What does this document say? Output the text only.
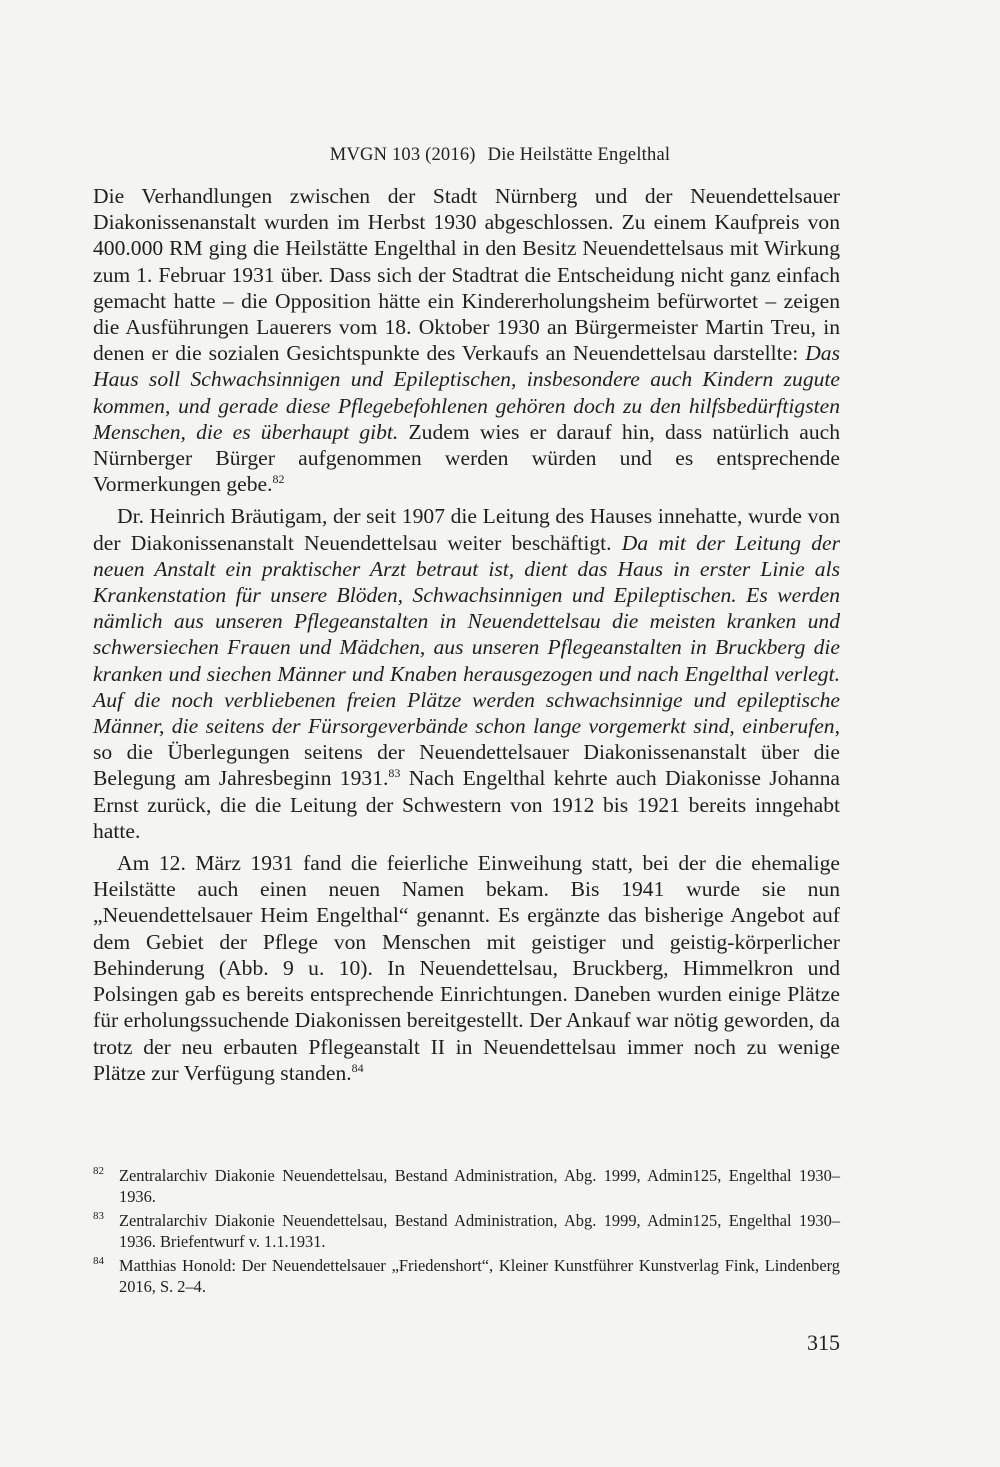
MVGN 103 (2016) Die Heilstätte Engelthal

Die Verhandlungen zwischen der Stadt Nürnberg und der Neuendettelsauer Diakonissenanstalt wurden im Herbst 1930 abgeschlossen. Zu einem Kaufpreis von 400.000 RM ging die Heilstätte Engelthal in den Besitz Neuendettelsaus mit Wirkung zum 1. Februar 1931 über. Dass sich der Stadtrat die Entscheidung nicht ganz einfach gemacht hatte – die Opposition hätte ein Kindererholungsheim befürwortet – zeigen die Ausführungen Lauerers vom 18. Oktober 1930 an Bürgermeister Martin Treu, in denen er die sozialen Gesichtspunkte des Verkaufs an Neuendettelsau darstellte: Das Haus soll Schwachsinnigen und Epileptischen, insbesondere auch Kindern zugute kommen, und gerade diese Pflegebefohlenen gehören doch zu den hilfsbedürftigsten Menschen, die es überhaupt gibt. Zudem wies er darauf hin, dass natürlich auch Nürnberger Bürger aufgenommen werden würden und es entsprechende Vormerkungen gebe.$^{82}$

Dr. Heinrich Bräutigam, der seit 1907 die Leitung des Hauses innehatte, wurde von der Diakonissenanstalt Neuendettelsau weiter beschäftigt. Da mit der Leitung der neuen Anstalt ein praktischer Arzt betraut ist, dient das Haus in erster Linie als Krankenstation für unsere Blöden, Schwachsinnigen und Epileptischen. Es werden nämlich aus unseren Pflegeanstalten in Neuendettelsau die meisten kranken und schwersiechen Frauen und Mädchen, aus unseren Pflegeanstalten in Bruckberg die kranken und siechen Männer und Knaben herausgezogen und nach Engelthal verlegt. Auf die noch verbliebenen freien Plätze werden schwachsinnige und epileptische Männer, die seitens der Fürsorgeverbände schon lange vorgemerkt sind, einberufen, so die Überlegungen seitens der Neuendettelsauer Diakonissenanstalt über die Belegung am Jahresbeginn 1931.83 Nach Engelthal kehrte auch Diakonisse Johanna Ernst zurück, die die Leitung der Schwestern von 1912 bis 1921 bereits inngehabt hatte.

Am 12. März 1931 fand die feierliche Einweihung statt, bei der die ehemalige Heilstätte auch einen neuen Namen bekam. Bis 1941 wurde sie nun „Neuendettelsauer Heim Engelthal“ genannt. Es ergänzte das bisherige Angebot auf dem Gebiet der Pflege von Menschen mit geistiger und geistig-körperlicher Behinderung (Abb. 9 u. 10). In Neuendettelsau, Bruckberg, Himmelkron und Polsingen gab es bereits entsprechende Einrichtungen. Daneben wurden einige Plätze für erholungssuchende Diakonissen bereitgestellt. Der Ankauf war nötig geworden, da trotz der neu erbauten Pflegeanstalt II in Neuendettelsau immer noch zu wenige Plätze zur Verfügung standen.$^{84}$

82 Zentralarchiv Diakonie Neuendettelsau, Bestand Administration, Abg. 1999, Admin125, Engelthal 1930–1936.
83 Zentralarchiv Diakonie Neuendettelsau, Bestand Administration, Abg. 1999, Admin125, Engelthal 1930–1936. Briefentwurf v. 1.1.1931.
84 Matthias Honold: Der Neuendettelsauer „Friedenshort“, Kleiner Kunstführer Kunstverlag Fink, Lindenberg 2016, S. 2–4.
315
